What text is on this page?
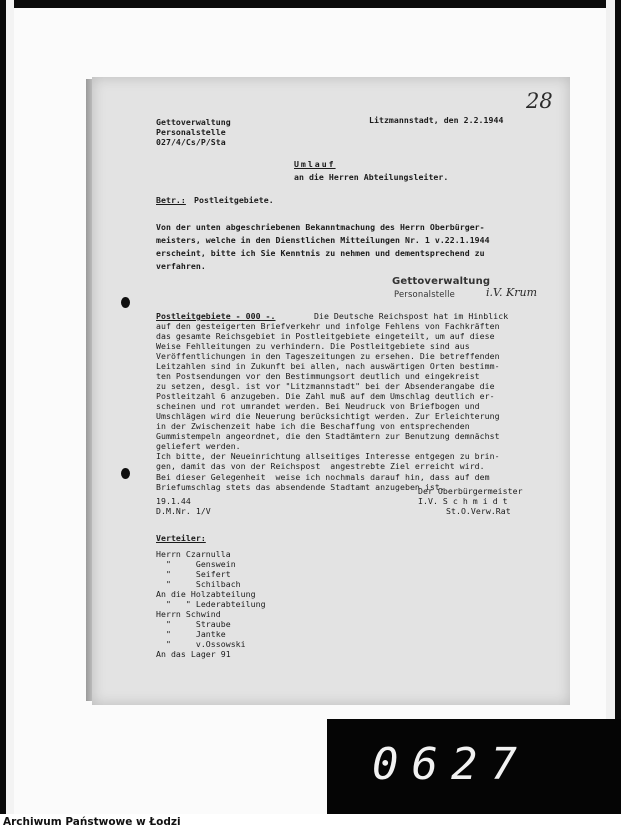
Gettoverwaltung
Personalstelle
027/4/Cs/P/Sta
Litzmannstadt, den 2.2.1944
28
Umlauf
an die Herren Abteilungsleiter.
Betr.: Postleitgebiete.
Von der unten abgeschriebenen Bekanntmachung des Herrn Oberbürger-
meisters, welche in den Dienstlichen Mitteilungen Nr. 1 v.22.1.1944
erscheint, bitte ich Sie Kenntnis zu nehmen und dementsprechend zu
verfahren.
Gettoverwaltung
Personalstelle	i.V. Krum
Postleitgebiete - 000 -.	Die Deutsche Reichspost hat im Hinblick
auf den gesteigerten Briefverkehr und infolge Fehlens von Fachkräften
das gesamte Reichsgebiet in Postleitgebiete eingeteilt, um auf diese
Weise Fehlleitungen zu verhindern. Die Postleitgebiete sind aus
Veröffentlichungen in den Tageszeitungen zu ersehen. Die betreffenden
Leitzahlen sind in Zukunft bei allen, nach auswärtigen Orten bestimm-
ten Postsendungen vor den Bestimmungsort deutlich und eingekreist
zu setzen, desgl. ist vor "Litzmannstadt" bei der Absenderangabe die
Postleitzahl 6 anzugeben. Die Zahl muß auf dem Umschlag deutlich er-
scheinen und rot umrandet werden. Bei Neudruck von Briefbogen und
Umschlägen wird die Neuerung berücksichtigt werden. Zur Erleichterung
in der Zwischenzeit habe ich die Beschaffung von entsprechenden
Gummistempeln angeordnet, die den Stadtämtern zur Benutzung demnächst
geliefert werden.
Ich bitte, der Neueinrichtung allseitiges Interesse entgegen zu brin-
gen, damit das von der Reichspost  angestrebte Ziel erreicht wird.
Bei dieser Gelegenheit  weise ich nochmals darauf hin, dass auf dem
Briefumschlag stets das absendende Stadtamt anzugeben ist.
19.1.44
D.M.Nr. 1/V
Der Oberbürgermeister
I.V. S c h m i d t
St.O.Verw.Rat
Verteiler:
Herrn Czarnulla
"     Genswein
"     Seifert
"     Schilbach
An die Holzabteilung
"   " Lederabteilung
Herrn Schwind
"     Straube
"     Jantke
"     v.Ossowski
An das Lager 91
0627
Archiwum Państwowe w Łodzi
